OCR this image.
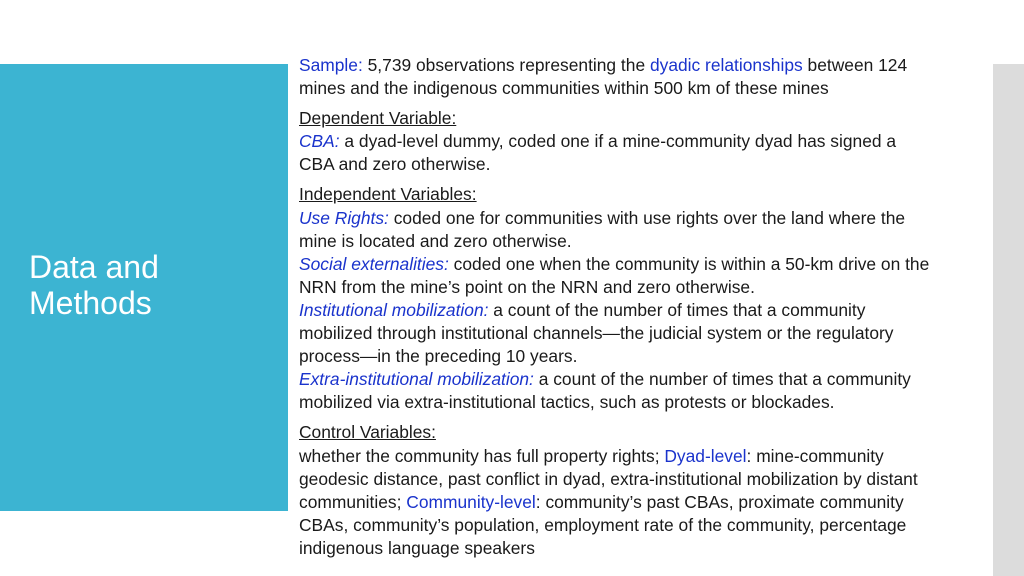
Data and
Methods
Sample: 5,739 observations representing the dyadic relationships between 124
mines and the indigenous communities within 500 km of these mines
Dependent Variable:
CBA: a dyad-level dummy, coded one if a mine-community dyad has signed a
CBA and zero otherwise.
Independent Variables:
Use Rights: coded one for communities with use rights over the land where the
mine is located and zero otherwise.
Social externalities: coded one when the community is within a 50-km drive on the
NRN from the mine’s point on the NRN and zero otherwise.
Institutional mobilization: a count of the number of times that a community
mobilized through institutional channels—the judicial system or the regulatory
process—in the preceding 10 years.
Extra-institutional mobilization: a count of the number of times that a community
mobilized via extra-institutional tactics, such as protests or blockades.
Control Variables:
whether the community has full property rights; Dyad-level: mine-community
geodesic distance, past conflict in dyad, extra-institutional mobilization by distant
communities; Community-level: community’s past CBAs, proximate community
CBAs, community’s population, employment rate of the community, percentage
indigenous language speakers
